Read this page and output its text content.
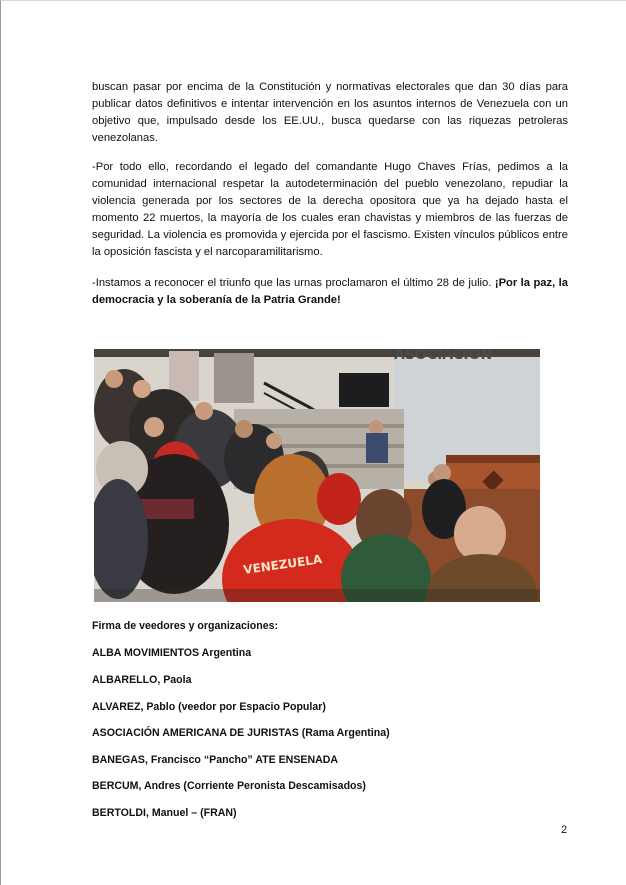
buscan pasar por encima de la Constitución y normativas electorales que dan 30 días para publicar datos definitivos e intentar intervención en los asuntos internos de Venezuela con un objetivo que, impulsado desde los EE.UU., busca quedarse con las riquezas petroleras venezolanas.

-Por todo ello, recordando el legado del comandante Hugo Chaves Frías, pedimos a la comunidad internacional respetar la autodeterminación del pueblo venezolano, repudiar la violencia generada por los sectores de la derecha opositora que ya ha dejado hasta el momento 22 muertos, la mayoría de los cuales eran chavistas y miembros de las fuerzas de seguridad. La violencia es promovida y ejercida por el fascismo. Existen vínculos públicos entre la oposición fascista y el narcoparamilitarismo.

-Instamos a reconocer el triunfo que las urnas proclamaron el último 28 de julio. ¡Por la paz, la democracia y la soberanía de la Patria Grande!

ASOCIACION
VENEZUELA
Firma de veedores y organizaciones:
ALBA MOVIMIENTOS Argentina
ALBARELLO, Paola
ALVAREZ, Pablo (veedor por Espacio Popular)
ASOCIACIÓN AMERICANA DE JURISTAS (Rama Argentina)
BANEGAS, Francisco “Pancho” ATE ENSENADA
BERCUM, Andres (Corriente Peronista Descamisados)
BERTOLDI, Manuel – (FRAN)
2
